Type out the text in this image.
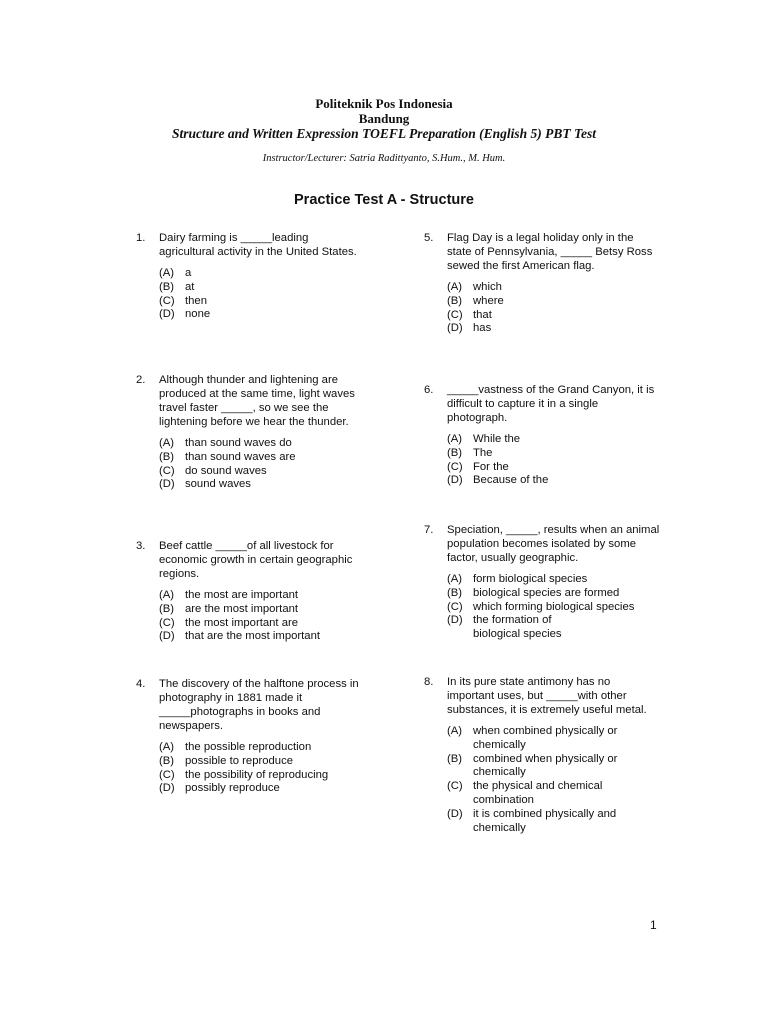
Politeknik Pos Indonesia
Bandung
Structure and Written Expression TOEFL Preparation (English 5) PBT Test
Instructor/Lecturer: Satria Radittyanto, S.Hum., M. Hum.
Practice Test A - Structure
1. Dairy farming is _____leading agricultural activity in the United States.
(A) a
(B) at
(C) then
(D) none
2. Although thunder and lightening are produced at the same time, light waves travel faster _____, so we see the lightening before we hear the thunder.
(A) than sound waves do
(B) than sound waves are
(C) do sound waves
(D) sound waves
3. Beef cattle _____of all livestock for economic growth in certain geographic regions.
(A) the most are important
(B) are the most important
(C) the most important are
(D) that are the most important
4. The discovery of the halftone process in photography in 1881 made it _____photographs in books and newspapers.
(A) the possible reproduction
(B) possible to reproduce
(C) the possibility of reproducing
(D) possibly reproduce
5. Flag Day is a legal holiday only in the state of Pennsylvania, _____ Betsy Ross sewed the first American flag.
(A) which
(B) where
(C) that
(D) has
6. _____vastness of the Grand Canyon, it is difficult to capture it in a single photograph.
(A) While the
(B) The
(C) For the
(D) Because of the
7. Speciation, _____, results when an animal population becomes isolated by some factor, usually geographic.
(A) form biological species
(B) biological species are formed
(C) which forming biological species
(D) the formation of biological species
8. In its pure state antimony has no important uses, but _____with other substances, it is extremely useful metal.
(A) when combined physically or chemically
(B) combined when physically or chemically
(C) the physical and chemical combination
(D) it is combined physically and chemically
1
